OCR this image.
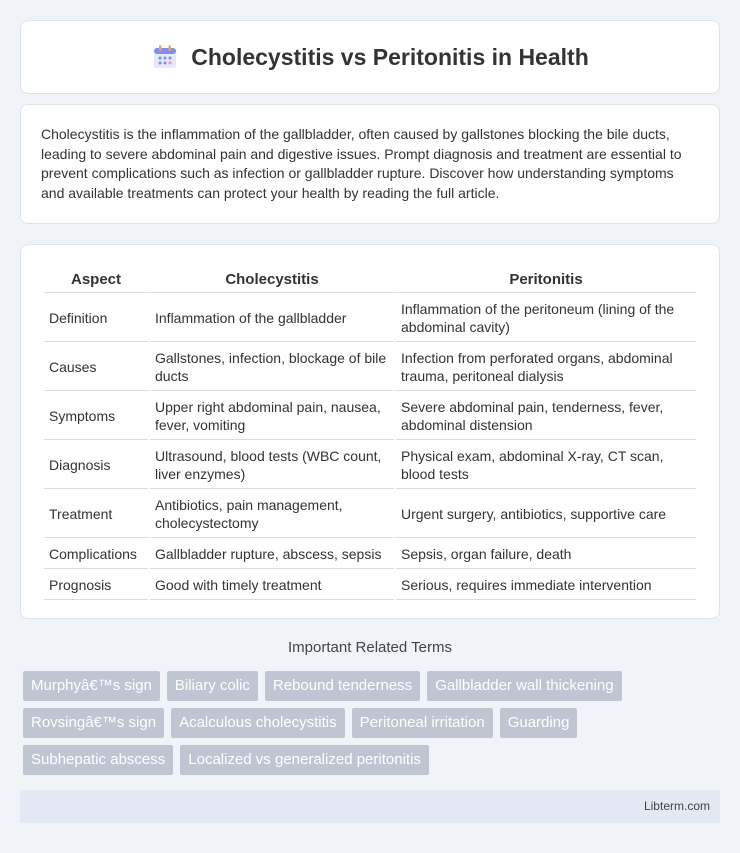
Cholecystitis vs Peritonitis in Health

Cholecystitis is the inflammation of the gallbladder, often caused by gallstones blocking the bile ducts, leading to severe abdominal pain and digestive issues. Prompt diagnosis and treatment are essential to prevent complications such as infection or gallbladder rupture. Discover how understanding symptoms and available treatments can protect your health by reading the full article.

Aspect	Cholecystitis	Peritonitis
Definition	Inflammation of the gallbladder	Inflammation of the peritoneum (lining of the abdominal cavity)
Causes	Gallstones, infection, blockage of bile ducts	Infection from perforated organs, abdominal trauma, peritoneal dialysis
Symptoms	Upper right abdominal pain, nausea, fever, vomiting	Severe abdominal pain, tenderness, fever, abdominal distension
Diagnosis	Ultrasound, blood tests (WBC count, liver enzymes)	Physical exam, abdominal X-ray, CT scan, blood tests
Treatment	Antibiotics, pain management, cholecystectomy	Urgent surgery, antibiotics, supportive care
Complications	Gallbladder rupture, abscess, sepsis	Sepsis, organ failure, death
Prognosis	Good with timely treatment	Serious, requires immediate intervention
Important Related Terms
Murphyâ€™s sign	Biliary colic	Rebound tenderness	Gallbladder wall thickening
Rovsingâ€™s sign	Acalculous cholecystitis	Peritoneal irritation	Guarding
Subhepatic abscess	Localized vs generalized peritonitis
Libterm.com
